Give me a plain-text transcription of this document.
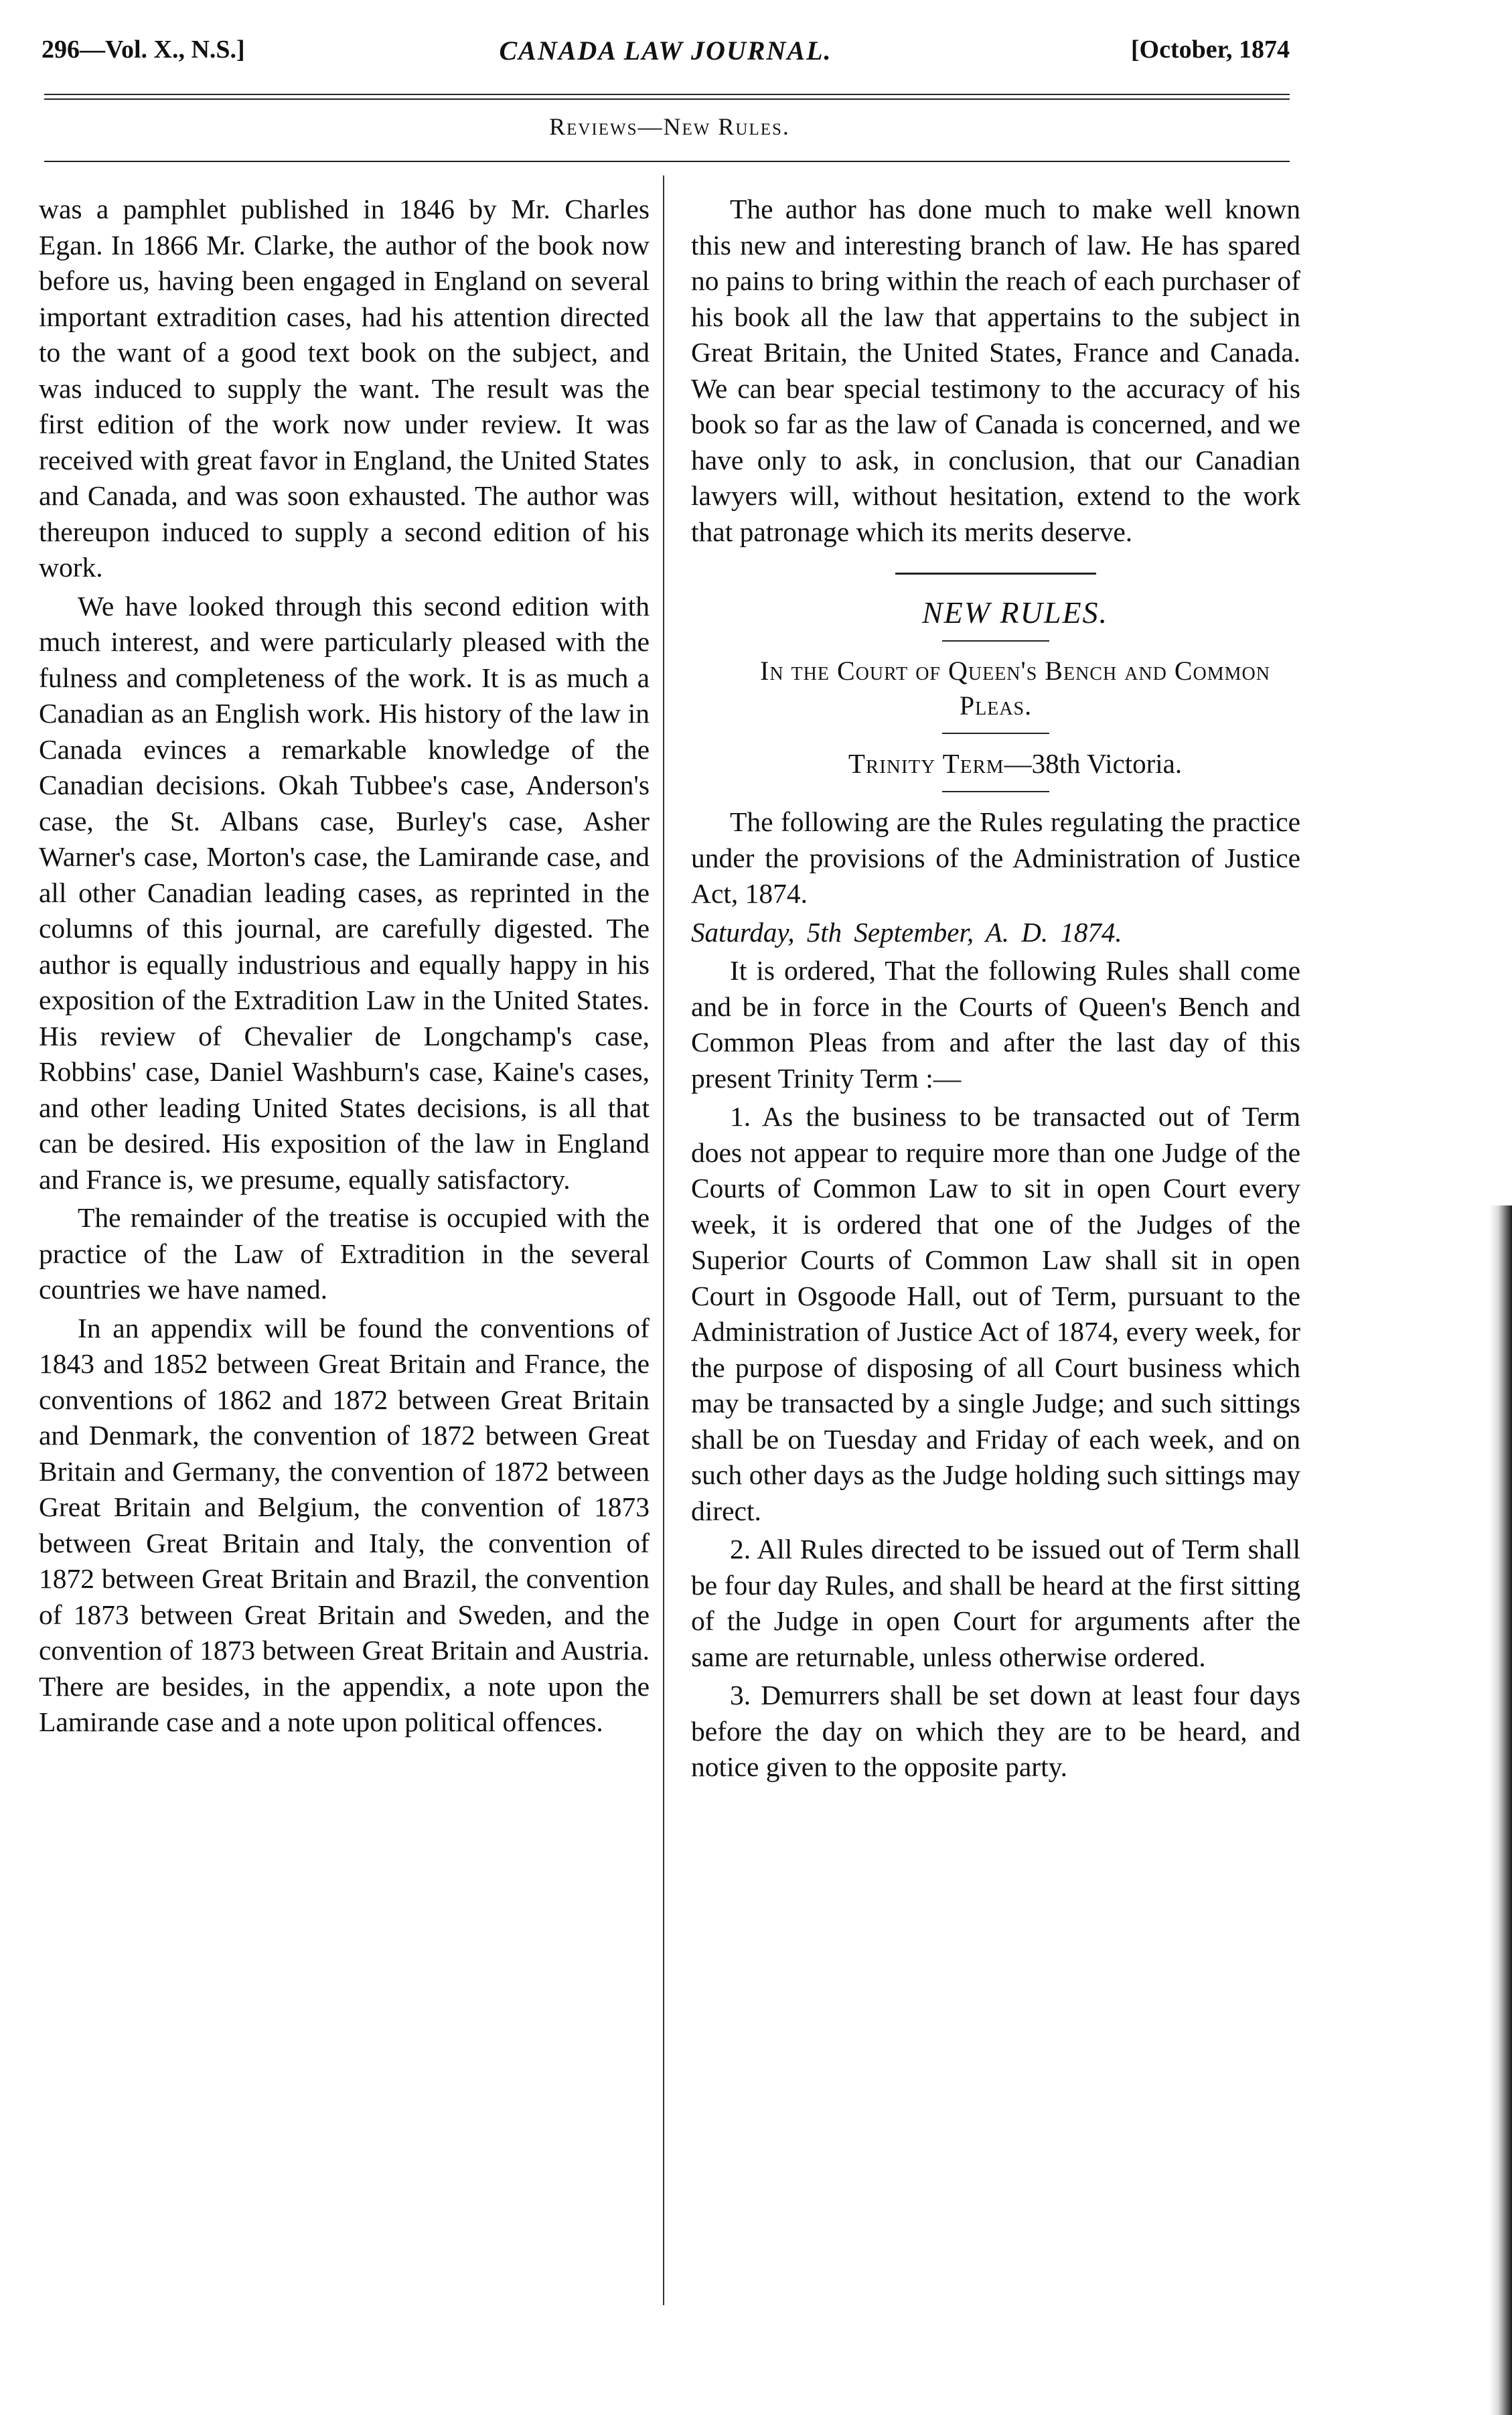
296—Vol. X., N.S.]	CANADA LAW JOURNAL.	[October, 1874
Reviews—New Rules.

was a pamphlet published in 1846 by Mr. Charles Egan. In 1866 Mr. Clarke, the author of the book now before us, having been engaged in England on several important extradition cases, had his attention directed to the want of a good text book on the subject, and was induced to supply the want. The result was the first edition of the work now under review. It was received with great favor in England, the United States and Canada, and was soon exhausted. The author was thereupon induced to supply a second edition of his work.

We have looked through this second edition with much interest, and were particularly pleased with the fulness and completeness of the work. It is as much a Canadian as an English work. His history of the law in Canada evinces a remarkable knowledge of the Canadian decisions. Okah Tubbee's case, Anderson's case, the St. Albans case, Burley's case, Asher Warner's case, Morton's case, the Lamirande case, and all other Canadian leading cases, as reprinted in the columns of this journal, are carefully digested. The author is equally industrious and equally happy in his exposition of the Extradition Law in the United States. His review of Chevalier de Longchamp's case, Robbins' case, Daniel Washburn's case, Kaine's cases, and other leading United States decisions, is all that can be desired. His exposition of the law in England and France is, we presume, equally satisfactory.

The remainder of the treatise is occupied with the practice of the Law of Extradition in the several countries we have named.

In an appendix will be found the conventions of 1843 and 1852 between Great Britain and France, the conventions of 1862 and 1872 between Great Britain and Denmark, the convention of 1872 between Great Britain and Germany, the convention of 1872 between Great Britain and Belgium, the convention of 1873 between Great Britain and Italy, the convention of 1872 between Great Britain and Brazil, the convention of 1873 between Great Britain and Sweden, and the convention of 1873 between Great Britain and Austria. There are besides, in the appendix, a note upon the Lamirande case and a note upon political offences.

The author has done much to make well known this new and interesting branch of law. He has spared no pains to bring within the reach of each purchaser of his book all the law that appertains to the subject in Great Britain, the United States, France and Canada. We can bear special testimony to the accuracy of his book so far as the law of Canada is concerned, and we have only to ask, in conclusion, that our Canadian lawyers will, without hesitation, extend to the work that patronage which its merits deserve.

NEW RULES.

In the Court of Queen's Bench and Common Pleas.

Trinity Term—38th Victoria.

The following are the Rules regulating the practice under the provisions of the Administration of Justice Act, 1874.

Saturday, 5th September, A. D. 1874.

It is ordered, That the following Rules shall come and be in force in the Courts of Queen's Bench and Common Pleas from and after the last day of this present Trinity Term :—

1. As the business to be transacted out of Term does not appear to require more than one Judge of the Courts of Common Law to sit in open Court every week, it is ordered that one of the Judges of the Superior Courts of Common Law shall sit in open Court in Osgoode Hall, out of Term, pursuant to the Administration of Justice Act of 1874, every week, for the purpose of disposing of all Court business which may be transacted by a single Judge; and such sittings shall be on Tuesday and Friday of each week, and on such other days as the Judge holding such sittings may direct.

2. All Rules directed to be issued out of Term shall be four day Rules, and shall be heard at the first sitting of the Judge in open Court for arguments after the same are returnable, unless otherwise ordered.

3. Demurrers shall be set down at least four days before the day on which they are to be heard, and notice given to the opposite party.
